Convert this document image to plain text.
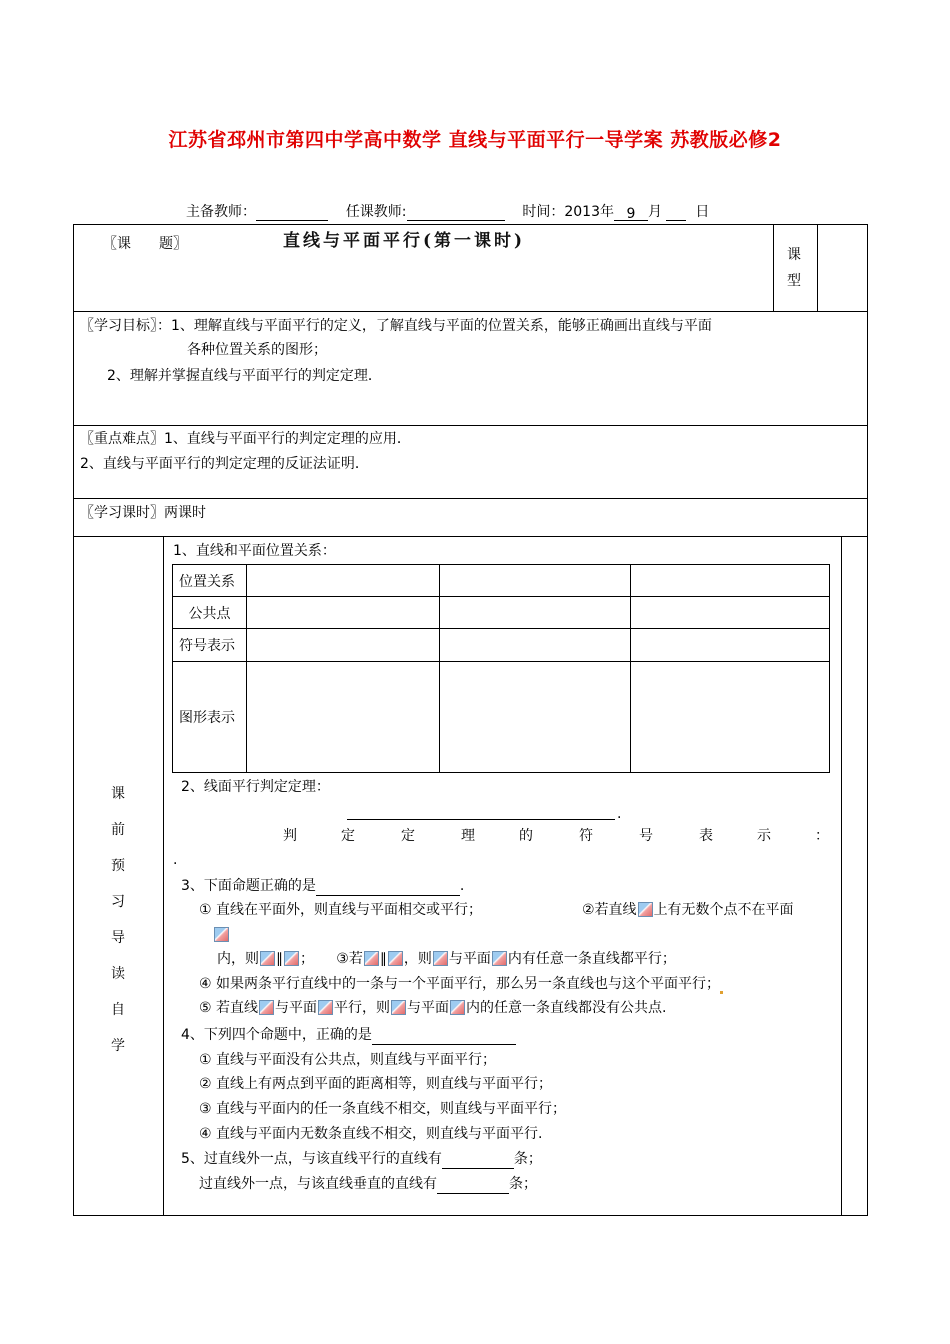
江苏省邳州市第四中学高中数学 直线与平面平行一导学案 苏教版必修2
主备教师：	任课教师:	时间：2013年 9 月 日
〖课　　题〗	直线与平面平行(第一课时)
课
型
〖学习目标〗：1、理解直线与平面平行的定义，了解直线与平面的位置关系，能够正确画出直线与平面
各种位置关系的图形；
2、理解并掌握直线与平面平行的判定定理．
〖重点难点〗1、直线与平面平行的判定定理的应用．
2、直线与平面平行的判定定理的反证法证明．
〖学习课时〗两课时
课
前
预
习
导
读
自
学
1、直线和平面位置关系：
位置关系			
公共点			
符号表示			
图形表示			
2、线面平行判定定理：
.
判	定	定	理	的	符	号	表	示	：
.
3、下面命题正确的是	.
① 直线在平面外，则直线与平面相交或平行；	②若直线 上有无数个点不在平面
内，则 ∥ ； ③若 ∥ ，则 与平面 内有任意一条直线都平行；
④ 如果两条平行直线中的一条与一个平面平行，那么另一条直线也与这个平面平行；
⑤ 若直线 与平面 平行，则 与平面 内的任意一条直线都没有公共点.
4、下列四个命题中，正确的是
① 直线与平面没有公共点，则直线与平面平行；
② 直线上有两点到平面的距离相等，则直线与平面平行；
③ 直线与平面内的任一条直线不相交，则直线与平面平行；
④ 直线与平面内无数条直线不相交，则直线与平面平行.
5、过直线外一点，与该直线平行的直线有	条；
过直线外一点，与该直线垂直的直线有	条；
